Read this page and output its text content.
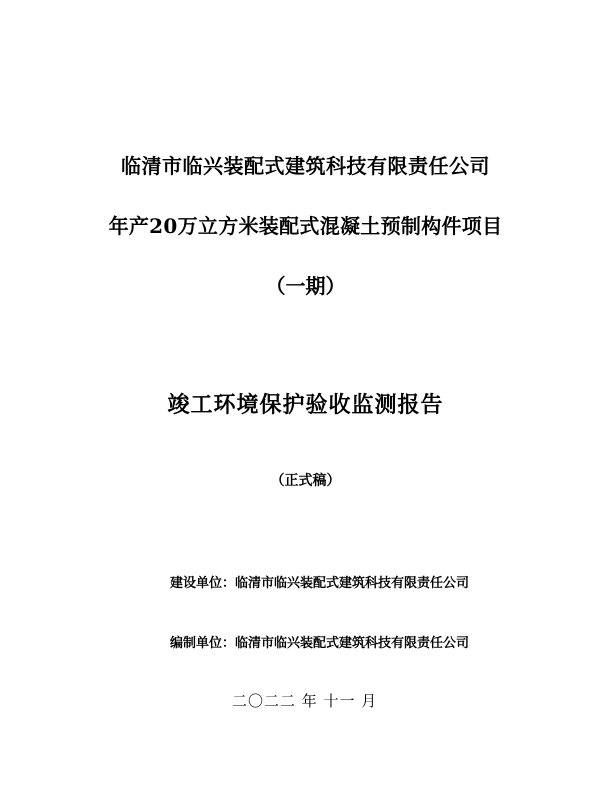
临清市临兴装配式建筑科技有限责任公司
年产20万立方米装配式混凝土预制构件项目
（一期）
竣工环境保护验收监测报告
（正式稿）
建设单位：临清市临兴装配式建筑科技有限责任公司
编制单位：临清市临兴装配式建筑科技有限责任公司
二〇二二 年 十一 月
